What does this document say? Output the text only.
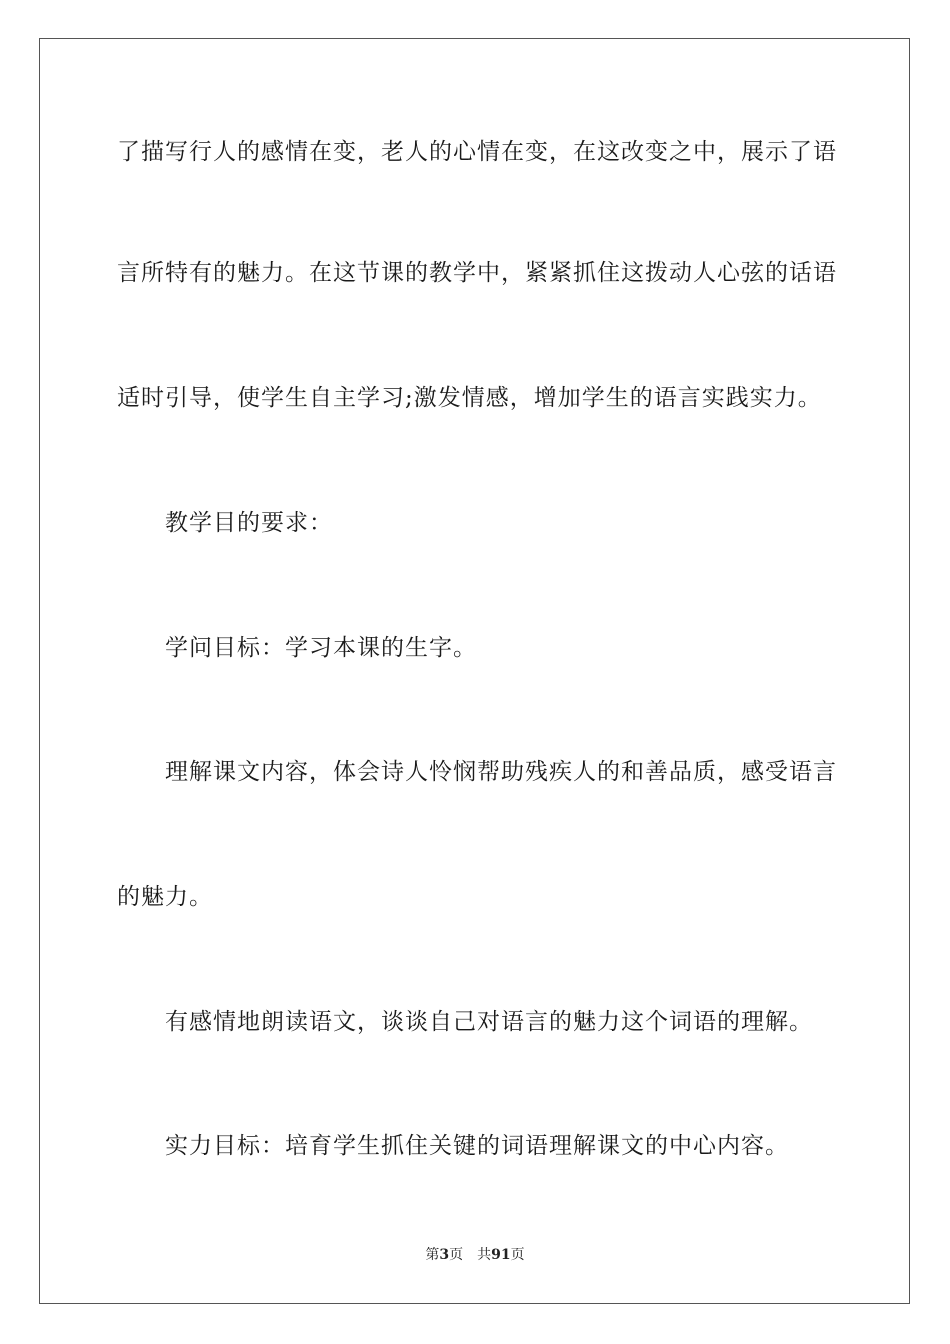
了描写行人的感情在变，老人的心情在变，在这改变之中，展示了语
言所特有的魅力。在这节课的教学中，紧紧抓住这拨动人心弦的话语
适时引导，使学生自主学习;激发情感，增加学生的语言实践实力。
教学目的要求：
学问目标：学习本课的生字。
理解课文内容，体会诗人怜悯帮助残疾人的和善品质，感受语言
的魅力。
有感情地朗读语文，谈谈自己对语言的魅力这个词语的理解。
实力目标：培育学生抓住关键的词语理解课文的中心内容。
第3页 共91页
